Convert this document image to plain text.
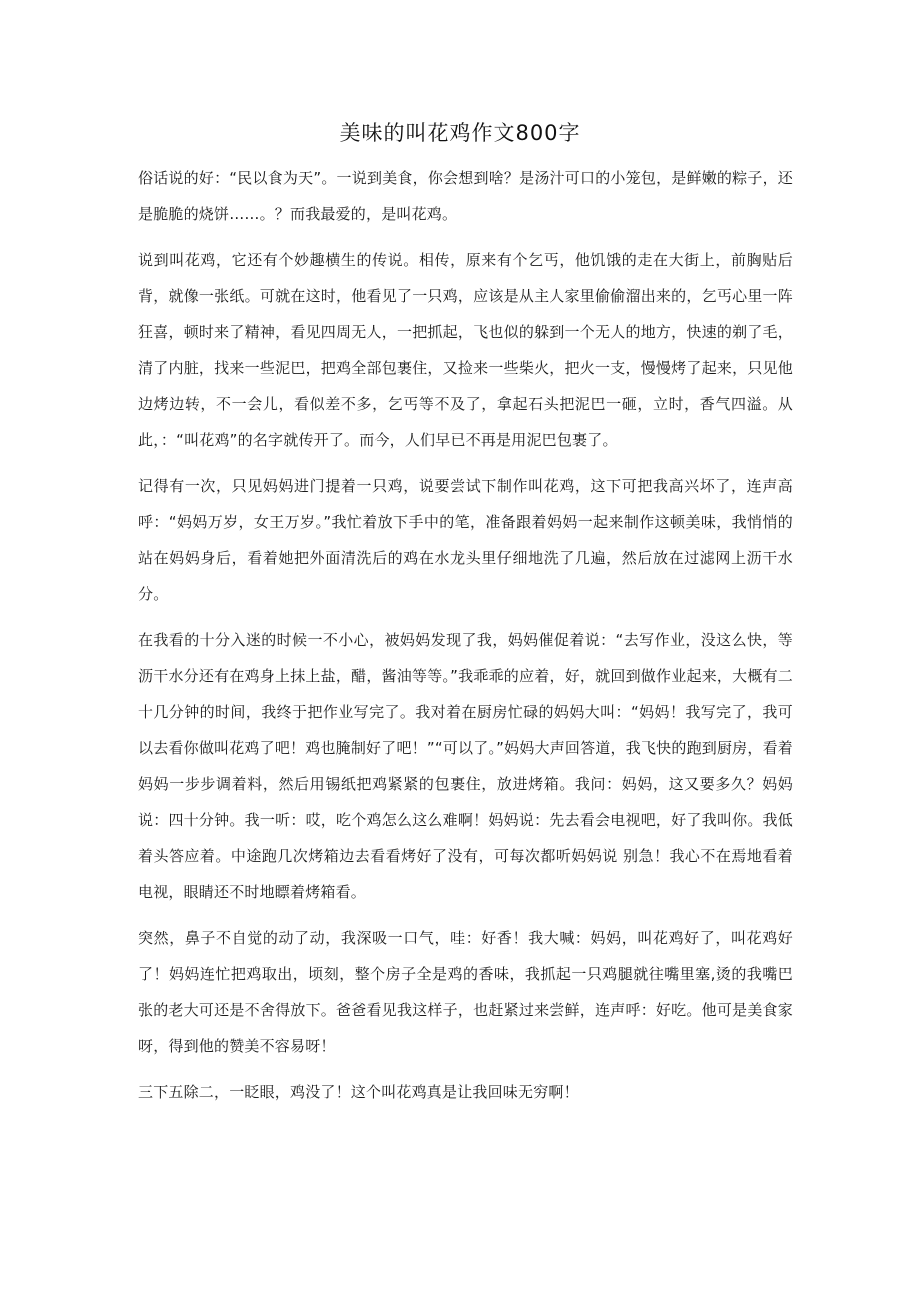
美味的叫花鸡作文800字

俗话说的好：“民以食为天”。一说到美食，你会想到啥？是汤汁可口的小笼包，是鲜嫩的粽子，还是脆脆的烧饼……。？而我最爱的，是叫花鸡。

说到叫花鸡，它还有个妙趣横生的传说。相传，原来有个乞丐，他饥饿的走在大街上，前胸贴后背，就像一张纸。可就在这时，他看见了一只鸡，应该是从主人家里偷偷溜出来的，乞丐心里一阵狂喜，顿时来了精神，看见四周无人，一把抓起，飞也似的躲到一个无人的地方，快速的剃了毛，清了内脏，找来一些泥巴，把鸡全部包裹住，又捡来一些柴火，把火一支，慢慢烤了起来，只见他边烤边转，不一会儿，看似差不多，乞丐等不及了，拿起石头把泥巴一砸，立时，香气四溢。从此，：“叫花鸡”的名字就传开了。而今，人们早已不再是用泥巴包裹了。

记得有一次，只见妈妈进门提着一只鸡，说要尝试下制作叫花鸡，这下可把我高兴坏了，连声高呼：“妈妈万岁，女王万岁。”我忙着放下手中的笔，准备跟着妈妈一起来制作这顿美味，我悄悄的站在妈妈身后，看着她把外面清洗后的鸡在水龙头里仔细地洗了几遍，然后放在过滤网上沥干水分。

在我看的十分入迷的时候一不小心，被妈妈发现了我，妈妈催促着说：“去写作业，没这么快，等沥干水分还有在鸡身上抹上盐，醋，酱油等等。”我乖乖的应着，好，就回到做作业起来，大概有二十几分钟的时间，我终于把作业写完了。我对着在厨房忙碌的妈妈大叫：“妈妈！我写完了，我可以去看你做叫花鸡了吧！鸡也腌制好了吧！”“可以了。”妈妈大声回答道，我飞快的跑到厨房，看着妈妈一步步调着料，然后用锡纸把鸡紧紧的包裹住，放进烤箱。我问：妈妈，这又要多久？妈妈说：四十分钟。我一听：哎，吃个鸡怎么这么难啊！妈妈说：先去看会电视吧，好了我叫你。我低着头答应着。中途跑几次烤箱边去看看烤好了没有，可每次都听妈妈说 别急！我心不在焉地看着电视，眼睛还不时地瞟着烤箱看。

突然，鼻子不自觉的动了动，我深吸一口气，哇：好香！我大喊：妈妈，叫花鸡好了，叫花鸡好了！妈妈连忙把鸡取出，顷刻，整个房子全是鸡的香味，我抓起一只鸡腿就往嘴里塞,烫的我嘴巴张的老大可还是不舍得放下。爸爸看见我这样子，也赶紧过来尝鲜，连声呼：好吃。他可是美食家呀，得到他的赞美不容易呀！

三下五除二，一眨眼，鸡没了！这个叫花鸡真是让我回味无穷啊！
